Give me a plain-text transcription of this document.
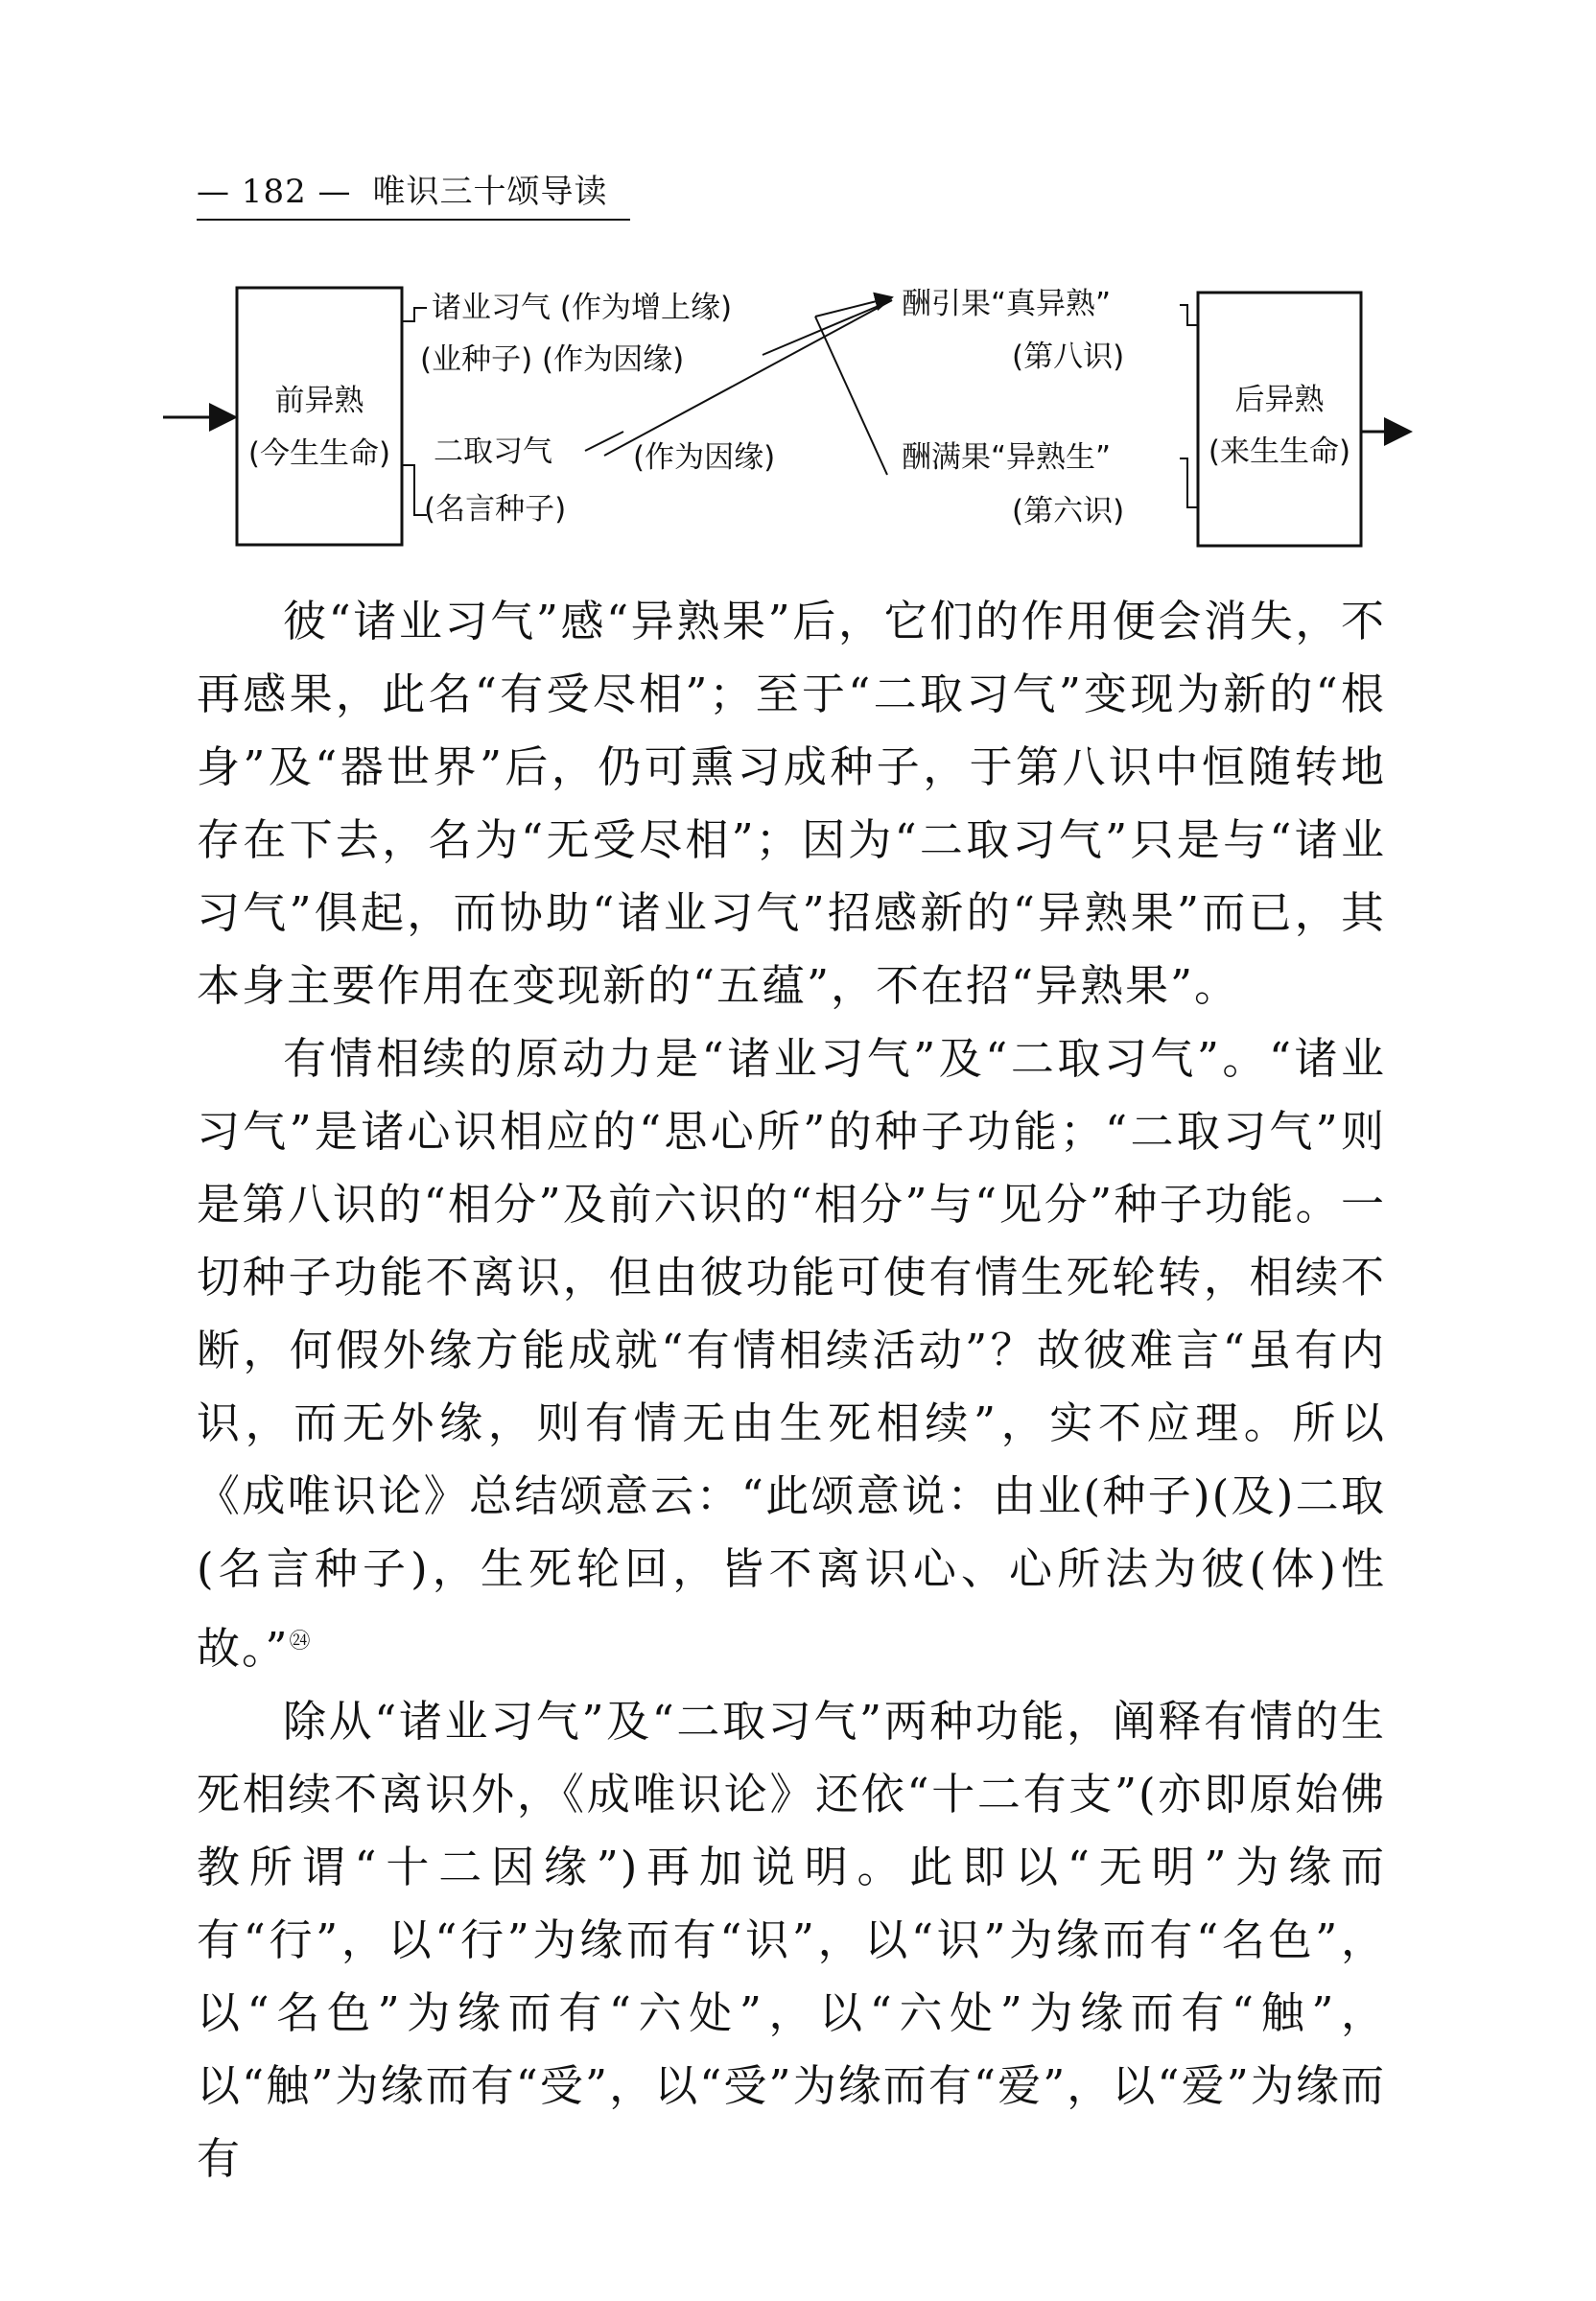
— 182 — 唯识三十颂导读
前异熟
(今生生命)
诸业习气 (作为增上缘)
(业种子) (作为因缘)
二取习气
(名言种子)
(作为因缘)
酬引果“真异熟”
(第八识)
酬满果“异熟生”
(第六识)
后异熟
(来生生命)

彼“诸业习气”感“异熟果”后，它们的作用便会消失，不再感果，此名“有受尽相”；至于“二取习气”变现为新的“根身”及“器世界”后，仍可熏习成种子，于第八识中恒随转地存在下去，名为“无受尽相”；因为“二取习气”只是与“诸业习气”俱起，而协助“诸业习气”招感新的“异熟果”而已，其本身主要作用在变现新的“五蕴”，不在招“异熟果”。

有情相续的原动力是“诸业习气”及“二取习气”。“诸业习气”是诸心识相应的“思心所”的种子功能；“二取习气”则是第八识的“相分”及前六识的“相分”与“见分”种子功能。一切种子功能不离识，但由彼功能可使有情生死轮转，相续不断，何假外缘方能成就“有情相续活动”？故彼难言“虽有内识，而无外缘，则有情无由生死相续”，实不应理。所以《成唯识论》总结颂意云：“此颂意说：由业(种子)(及)二取(名言种子)，生死轮回，皆不离识心、心所法为彼(体)性故。”$^㉔$

除从“诸业习气”及“二取习气”两种功能，阐释有情的生死相续不离识外，《成唯识论》还依“十二有支”(亦即原始佛教所谓“十二因缘”)再加说明。此即以“无明”为缘而有“行”，以“行”为缘而有“识”，以“识”为缘而有“名色”，以“名色”为缘而有“六处”，以“六处”为缘而有“触”，以“触”为缘而有“受”，以“受”为缘而有“爱”，以“爱”为缘而有
